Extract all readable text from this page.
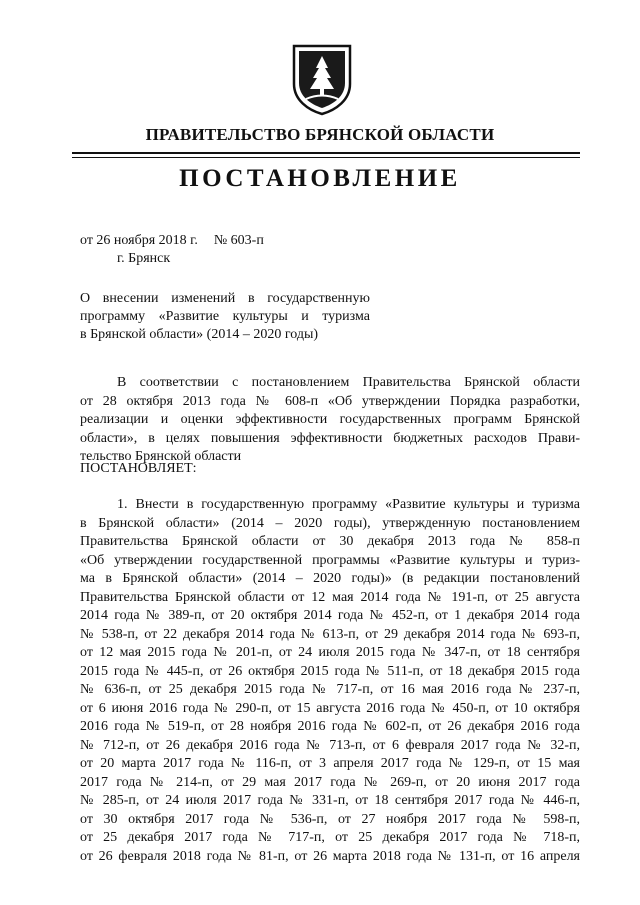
ПРАВИТЕЛЬСТВО БРЯНСКОЙ ОБЛАСТИ
ПОСТАНОВЛЕНИЕ
от 26 ноября 2018 г. № 603-п
г. Брянск

О внесении изменений в государственную
программу «Развитие культуры и туризма
в Брянской области» (2014 – 2020 годы)

В соответствии с постановлением Правительства Брянской области
от 28 октября 2013 года № 608-п «Об утверждении Порядка разработки,
реализации и оценки эффективности государственных программ Брянской
области», в целях повышения эффективности бюджетных расходов Прави-
тельство Брянской области

ПОСТАНОВЛЯЕТ:

1. Внести в государственную программу «Развитие культуры и туризма
в Брянской области» (2014 – 2020 годы), утвержденную постановлением
Правительства Брянской области от 30 декабря 2013 года № 858-п
«Об утверждении государственной программы «Развитие культуры и туриз-
ма в Брянской области» (2014 – 2020 годы)» (в редакции постановлений
Правительства Брянской области от 12 мая 2014 года № 191-п, от 25 августа
2014 года № 389-п, от 20 октября 2014 года № 452-п, от 1 декабря 2014 года
№ 538-п, от 22 декабря 2014 года № 613-п, от 29 декабря 2014 года № 693-п,
от 12 мая 2015 года № 201-п, от 24 июля 2015 года № 347-п, от 18 сентября
2015 года № 445-п, от 26 октября 2015 года № 511-п, от 18 декабря 2015 года
№ 636-п, от 25 декабря 2015 года № 717-п, от 16 мая 2016 года № 237-п,
от 6 июня 2016 года № 290-п, от 15 августа 2016 года № 450-п, от 10 октября
2016 года № 519-п, от 28 ноября 2016 года № 602-п, от 26 декабря 2016 года
№ 712-п, от 26 декабря 2016 года № 713-п, от 6 февраля 2017 года № 32-п,
от 20 марта 2017 года № 116-п, от 3 апреля 2017 года № 129-п, от 15 мая
2017 года № 214-п, от 29 мая 2017 года № 269-п, от 20 июня 2017 года
№ 285-п, от 24 июля 2017 года № 331-п, от 18 сентября 2017 года № 446-п,
от 30 октября 2017 года № 536-п, от 27 ноября 2017 года № 598-п,
от 25 декабря 2017 года № 717-п, от 25 декабря 2017 года № 718-п,
от 26 февраля 2018 года № 81-п, от 26 марта 2018 года № 131-п, от 16 апреля
